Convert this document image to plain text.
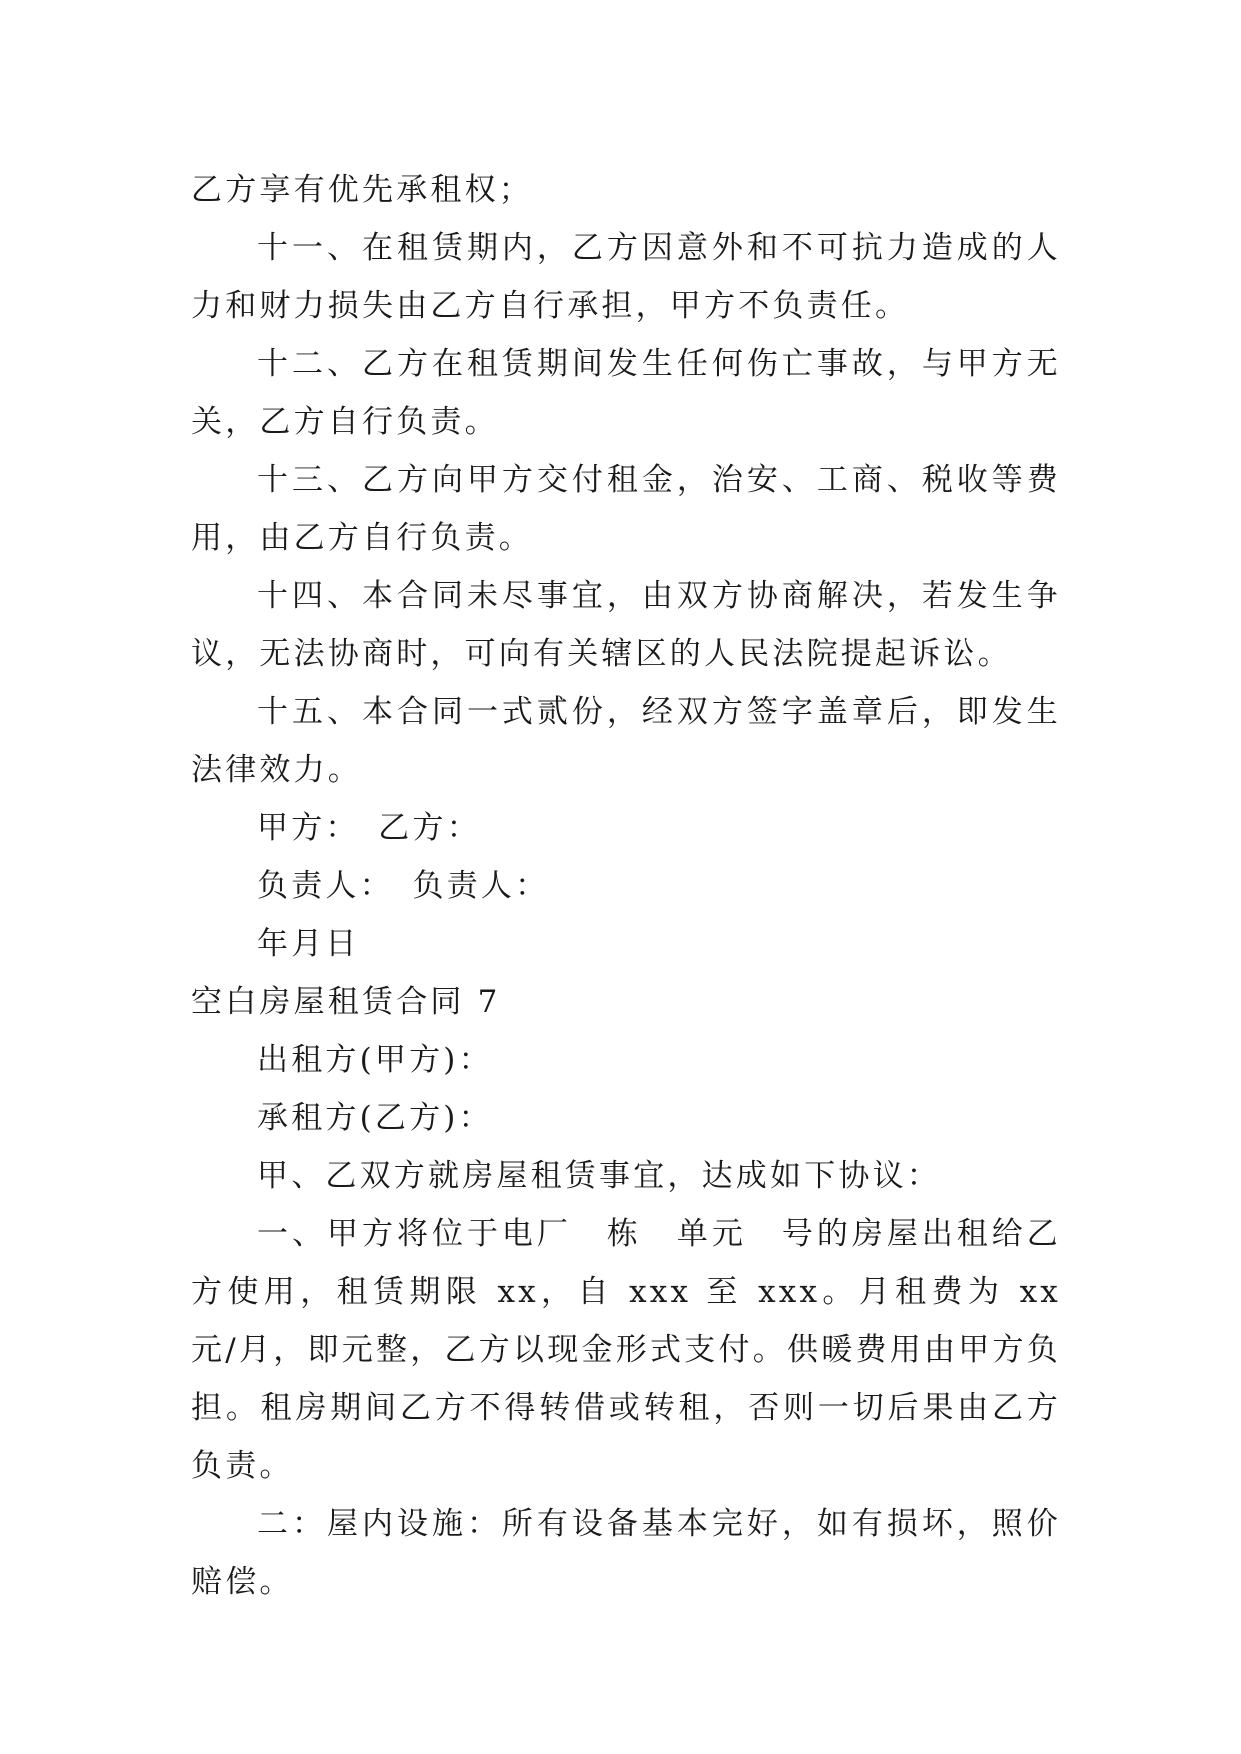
乙方享有优先承租权；

十一、在租赁期内，乙方因意外和不可抗力造成的人力和财力损失由乙方自行承担，甲方不负责任。

十二、乙方在租赁期间发生任何伤亡事故，与甲方无关，乙方自行负责。

十三、乙方向甲方交付租金，治安、工商、税收等费用，由乙方自行负责。

十四、本合同未尽事宜，由双方协商解决，若发生争议，无法协商时，可向有关辖区的人民法院提起诉讼。

十五、本合同一式贰份，经双方签字盖章后，即发生法律效力。

甲方：　乙方：

负责人：　负责人：

年月日

空白房屋租赁合同 7

出租方(甲方)：

承租方(乙方)：

甲、乙双方就房屋租赁事宜，达成如下协议：

一、甲方将位于电厂　栋　单元　号的房屋出租给乙方使用，租赁期限 xx，自 xxx 至 xxx。月租费为 xx 元/月，即元整，乙方以现金形式支付。供暖费用由甲方负担。租房期间乙方不得转借或转租，否则一切后果由乙方负责。

二：屋内设施：所有设备基本完好，如有损坏，照价赔偿。
